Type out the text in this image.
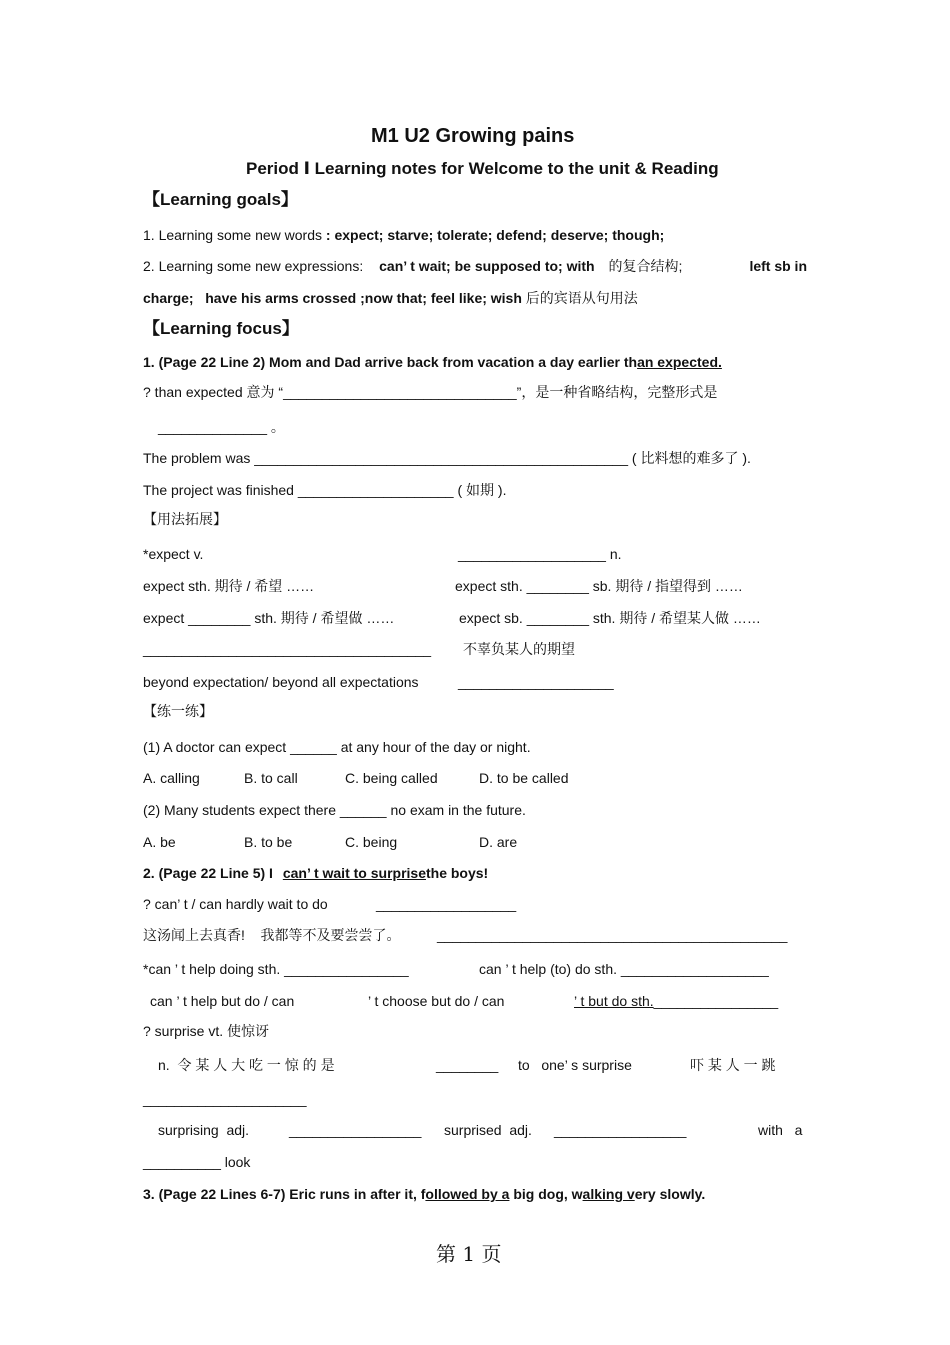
M1 U2 Growing pains
Period Ⅰ Learning notes for Welcome to the unit & Reading
【Learning goals】
1. Learning some new words : expect; starve; tolerate; defend; deserve; though;
2. Learning some new expressions: can’ t wait; be supposed to; with 的复合结构;	left sb in
charge;   have his arms crossed ;now that; feel like; wish 后的宾语从句用法
【Learning focus】
1. (Page 22 Line 2) Mom and Dad arrive back from vacation a day earlier than expected.
? than expected 意为 “______________________________”，是一种省略结构，完整形式是
______________ 。
The problem was ________________________________________________ ( 比料想的难多了 ).
The project was finished ____________________ ( 如期 ).
【用法拓展】
*expect v.	___________________ n.
expect sth. 期待 / 希望 ……	expect sth. ________ sb. 期待 / 指望得到 ……
expect ________ sth. 期待 / 希望做 ……	expect sb. ________ sth. 期待 / 希望某人做 ……
_____________________________________ 不辜负某人的期望
beyond expectation/ beyond all expectations	____________________
【练一练】
(1) A doctor can expect ______ at any hour of the day or night.
A. calling	B. to call	C. being called	D. to be called
(2) Many students expect there ______ no exam in the future.
A. be	B. to be	C. being	D. are
2. (Page 22 Line 5) I can’ t wait to surprisethe boys!
? can’ t / can hardly wait to do	__________________
这汤闻上去真香!    我都等不及要尝尝了。	_____________________________________________
*can ’ t help doing sth. ________________	can ’ t help (to) do sth. ___________________
can ’ t help but do / can	’ t choose but do / can	’ t but do sth.________________
? surprise vt. 使惊讶
n.  令 某 人 大 吃 一 惊 的 是	________ to   one’ s surprise	吓 某 人 一 跳
_____________________
surprising  adj.	_________________ surprised  adj. _________________	with   a
__________ look
3. (Page 22 Lines 6-7) Eric runs in after it, followed by a big dog, walking very slowly.
第 1 页
